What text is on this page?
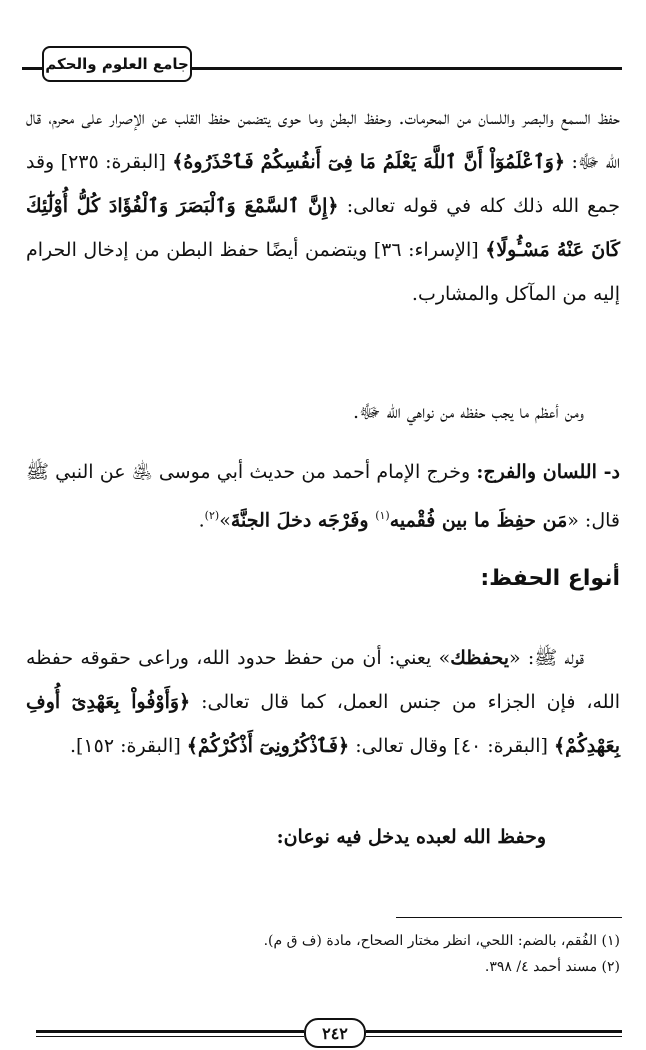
جامع العلوم والحكم

حفظ السمع والبصر واللسان من المحرمات. وحفظ البطن وما حوى يتضمن حفظ القلب عن الإصرار على محرم، قال الله ﷻ: ﴿وَٱعْلَمُوٓاْ أَنَّ ٱللَّهَ يَعْلَمُ مَا فِىٓ أَنفُسِكُمْ فَٱحْذَرُوهُ﴾ [البقرة: ٢٣٥] وقد جمع الله ذلك كله في قوله تعالى: ﴿إِنَّ ٱلسَّمْعَ وَٱلْبَصَرَ وَٱلْفُؤَادَ كُلُّ أُوْلَٰٓئِكَ كَانَ عَنْهُ مَسْـُٔولًا﴾ [الإسراء: ٣٦] ويتضمن أيضًا حفظ البطن من إدخال الحرام إليه من المآكل والمشارب.

ومن أعظم ما يجب حفظه من نواهي الله ﷻ.

د- اللسان والفرج: وخرج الإمام أحمد من حديث أبي موسى ﵁ عن النبي ﷺ قال: «مَن حفِظَ ما بين فُقْميه$^{(١)}$ وفَرْجَه دخلَ الجنَّةَ»$^{(٢)}$.

أنواع الحفظ:

قوله ﷺ: «يحفظك» يعني: أن من حفظ حدود الله، وراعى حقوقه حفظه الله، فإن الجزاء من جنس العمل، كما قال تعالى: ﴿وَأَوْفُواْ بِعَهْدِىٓ أُوفِ بِعَهْدِكُمْ﴾ [البقرة: ٤٠] وقال تعالى: ﴿فَٱذْكُرُونِىٓ أَذْكُرْكُمْ﴾ [البقرة: ١٥٢].

وحفظ الله لعبده يدخل فيه نوعان:
(١) الفُقم، بالضم: اللحي، انظر مختار الصحاح، مادة (ف ق م).
(٢) مسند أحمد ٤/ ٣٩٨.
٢٤٢
